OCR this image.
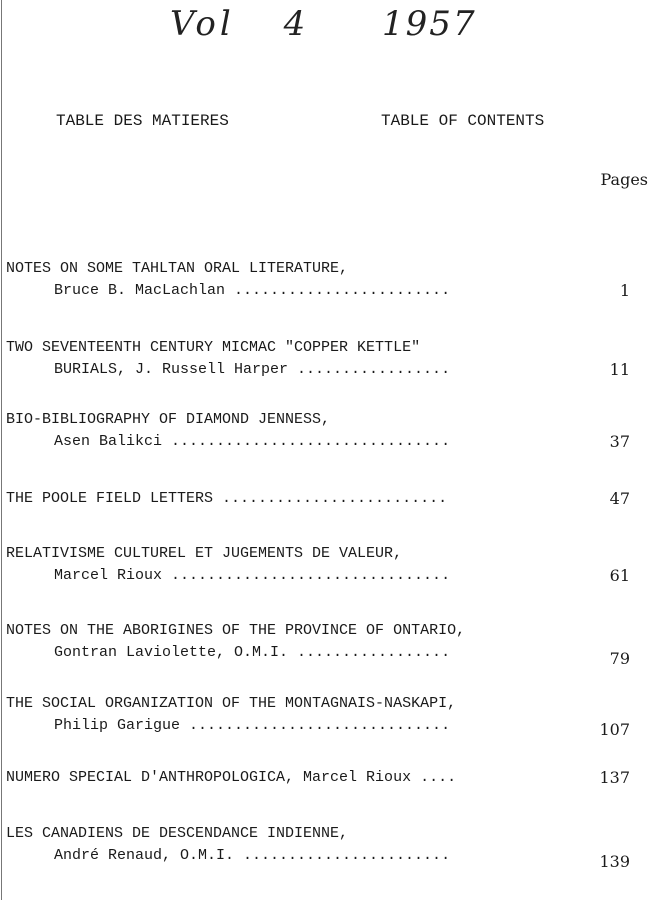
Vol 4 1957
TABLE DES MATIERES	TABLE OF CONTENTS
Pages
NOTES ON SOME TAHLTAN ORAL LITERATURE,
Bruce B. MacLachlan ........................	1
TWO SEVENTEENTH CENTURY MICMAC "COPPER KETTLE"
BURIALS, J. Russell Harper .................	11
BIO-BIBLIOGRAPHY OF DIAMOND JENNESS,
Asen Balikci ...............................	37
THE POOLE FIELD LETTERS .........................	47
RELATIVISME CULTUREL ET JUGEMENTS DE VALEUR,
Marcel Rioux ...............................	61
NOTES ON THE ABORIGINES OF THE PROVINCE OF ONTARIO,
Gontran Laviolette, O.M.I. .................	79
THE SOCIAL ORGANIZATION OF THE MONTAGNAIS-NASKAPI,
Philip Garigue .............................	107
NUMERO SPECIAL D'ANTHROPOLOGICA, Marcel Rioux ....	137
LES CANADIENS DE DESCENDANCE INDIENNE,
André Renaud, O.M.I. .......................	139
